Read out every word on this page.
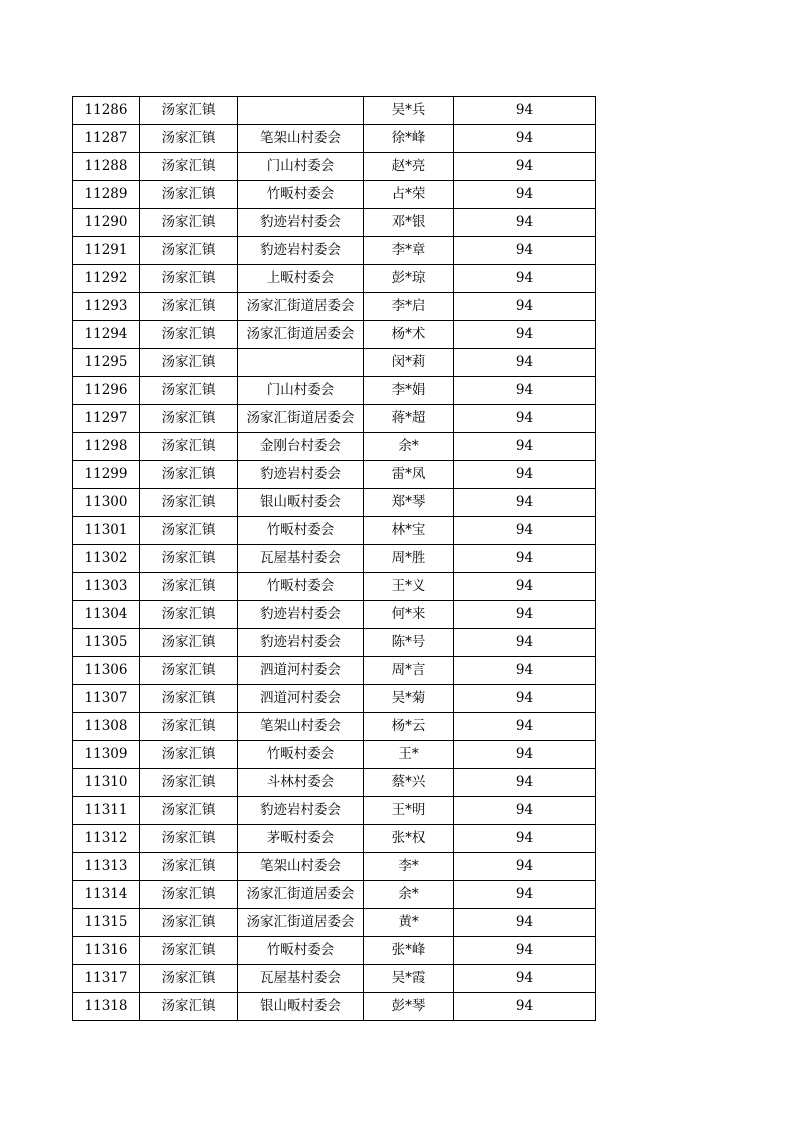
11286	汤家汇镇		吴*兵	94
11287	汤家汇镇	笔架山村委会	徐*峰	94
11288	汤家汇镇	门山村委会	赵*亮	94
11289	汤家汇镇	竹畈村委会	占*荣	94
11290	汤家汇镇	豹迹岩村委会	邓*银	94
11291	汤家汇镇	豹迹岩村委会	李*章	94
11292	汤家汇镇	上畈村委会	彭*琼	94
11293	汤家汇镇	汤家汇街道居委会	李*启	94
11294	汤家汇镇	汤家汇街道居委会	杨*术	94
11295	汤家汇镇		闵*莉	94
11296	汤家汇镇	门山村委会	李*娟	94
11297	汤家汇镇	汤家汇街道居委会	蒋*超	94
11298	汤家汇镇	金刚台村委会	余*	94
11299	汤家汇镇	豹迹岩村委会	雷*凤	94
11300	汤家汇镇	银山畈村委会	郑*琴	94
11301	汤家汇镇	竹畈村委会	林*宝	94
11302	汤家汇镇	瓦屋基村委会	周*胜	94
11303	汤家汇镇	竹畈村委会	王*义	94
11304	汤家汇镇	豹迹岩村委会	何*来	94
11305	汤家汇镇	豹迹岩村委会	陈*号	94
11306	汤家汇镇	泗道河村委会	周*言	94
11307	汤家汇镇	泗道河村委会	吴*菊	94
11308	汤家汇镇	笔架山村委会	杨*云	94
11309	汤家汇镇	竹畈村委会	王*	94
11310	汤家汇镇	斗林村委会	蔡*兴	94
11311	汤家汇镇	豹迹岩村委会	王*明	94
11312	汤家汇镇	茅畈村委会	张*权	94
11313	汤家汇镇	笔架山村委会	李*	94
11314	汤家汇镇	汤家汇街道居委会	余*	94
11315	汤家汇镇	汤家汇街道居委会	黄*	94
11316	汤家汇镇	竹畈村委会	张*峰	94
11317	汤家汇镇	瓦屋基村委会	吴*霞	94
11318	汤家汇镇	银山畈村委会	彭*琴	94
